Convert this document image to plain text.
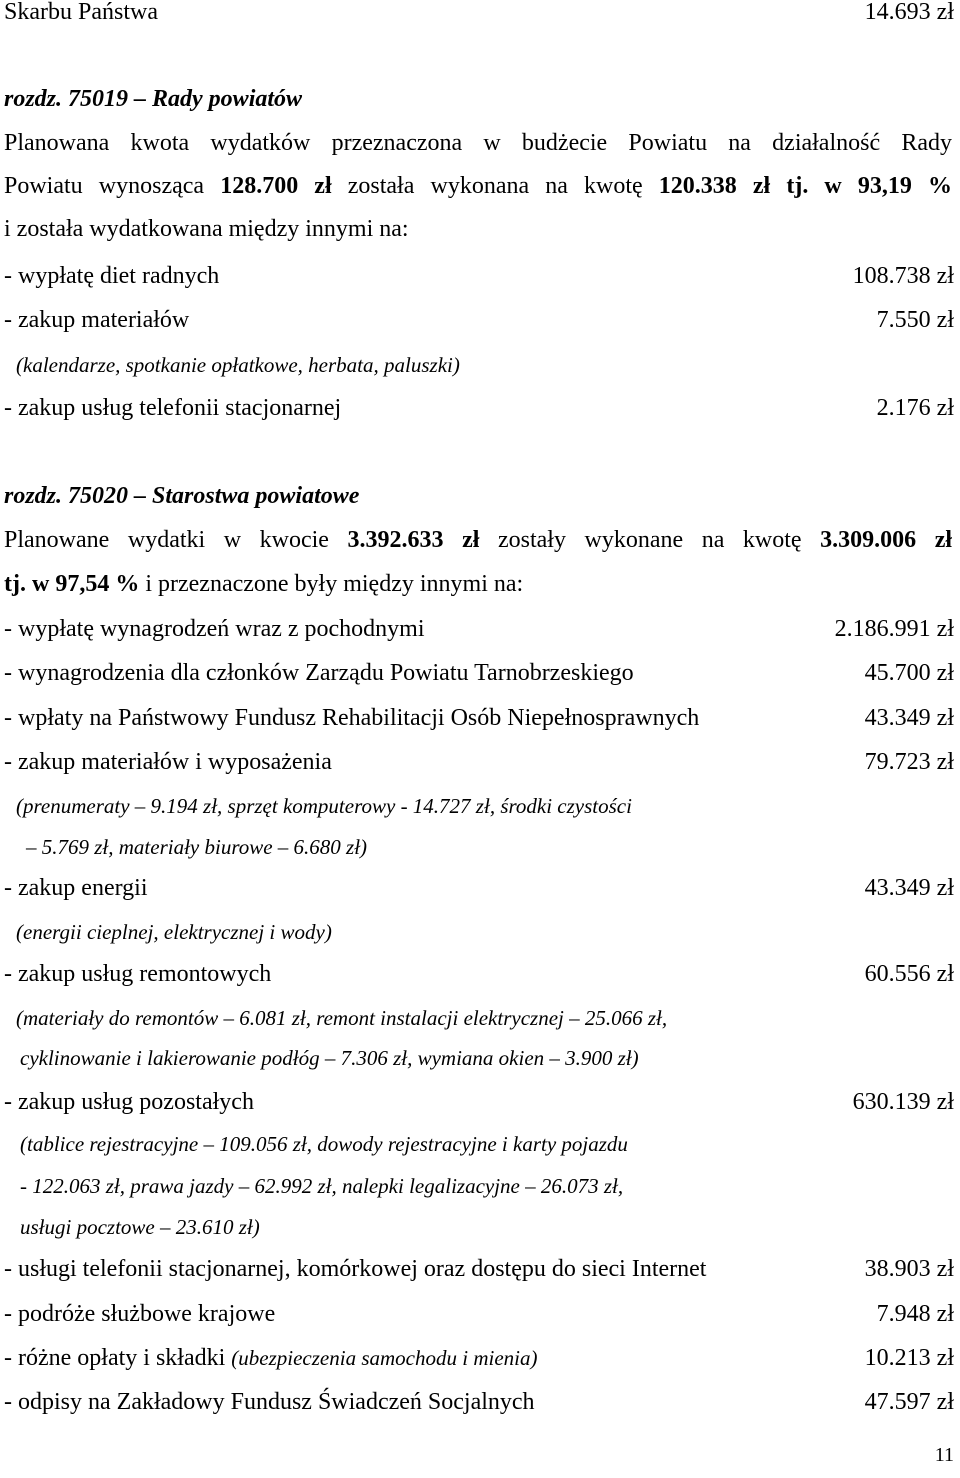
Skarbu Państwa	14.693 zł
rozdz. 75019 – Rady powiatów
Planowana kwota wydatków przeznaczona w budżecie Powiatu na działalność Rady
Powiatu wynosząca 128.700 zł została wykonana na kwotę 120.338 zł tj. w 93,19 %
i została wydatkowana między innymi na:
- wypłatę diet radnych	108.738 zł
- zakup materiałów	7.550 zł
(kalendarze, spotkanie opłatkowe, herbata, paluszki)
- zakup usług telefonii stacjonarnej	2.176 zł
rozdz. 75020 – Starostwa powiatowe
Planowane wydatki w kwocie 3.392.633 zł zostały wykonane na kwotę 3.309.006 zł
tj. w 97,54 % i przeznaczone były między innymi na:
- wypłatę wynagrodzeń wraz z pochodnymi	2.186.991 zł
- wynagrodzenia dla członków Zarządu Powiatu Tarnobrzeskiego	45.700 zł
- wpłaty na Państwowy Fundusz Rehabilitacji Osób Niepełnosprawnych	43.349 zł
- zakup materiałów i wyposażenia	79.723 zł
(prenumeraty – 9.194 zł, sprzęt komputerowy - 14.727 zł, środki czystości
– 5.769 zł, materiały biurowe – 6.680 zł)
- zakup energii	43.349 zł
(energii cieplnej, elektrycznej i wody)
- zakup usług remontowych	60.556 zł
(materiały do remontów – 6.081 zł, remont instalacji elektrycznej – 25.066 zł,
cyklinowanie i lakierowanie podłóg – 7.306 zł, wymiana okien – 3.900 zł)
- zakup usług pozostałych	630.139 zł
(tablice rejestracyjne – 109.056 zł, dowody rejestracyjne i karty pojazdu
- 122.063 zł, prawa jazdy – 62.992 zł, nalepki legalizacyjne – 26.073 zł,
usługi pocztowe – 23.610 zł)
- usługi telefonii stacjonarnej, komórkowej oraz dostępu do sieci Internet	38.903 zł
- podróże służbowe krajowe	7.948 zł
- różne opłaty i składki (ubezpieczenia samochodu i mienia)	10.213 zł
- odpisy na Zakładowy Fundusz Świadczeń Socjalnych	47.597 zł
11
